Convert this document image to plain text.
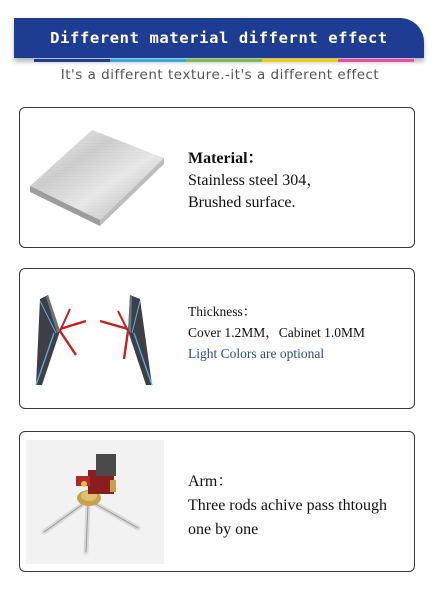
Different material differnt effect
It's a different texture.-it's a different effect
Material：
Stainless steel 304，
Brushed surface.
Thickness：
Cover 1.2MM，Cabinet 1.0MM
Light Colors are optional
Arm：
Three rods achive pass thtough
one by one
